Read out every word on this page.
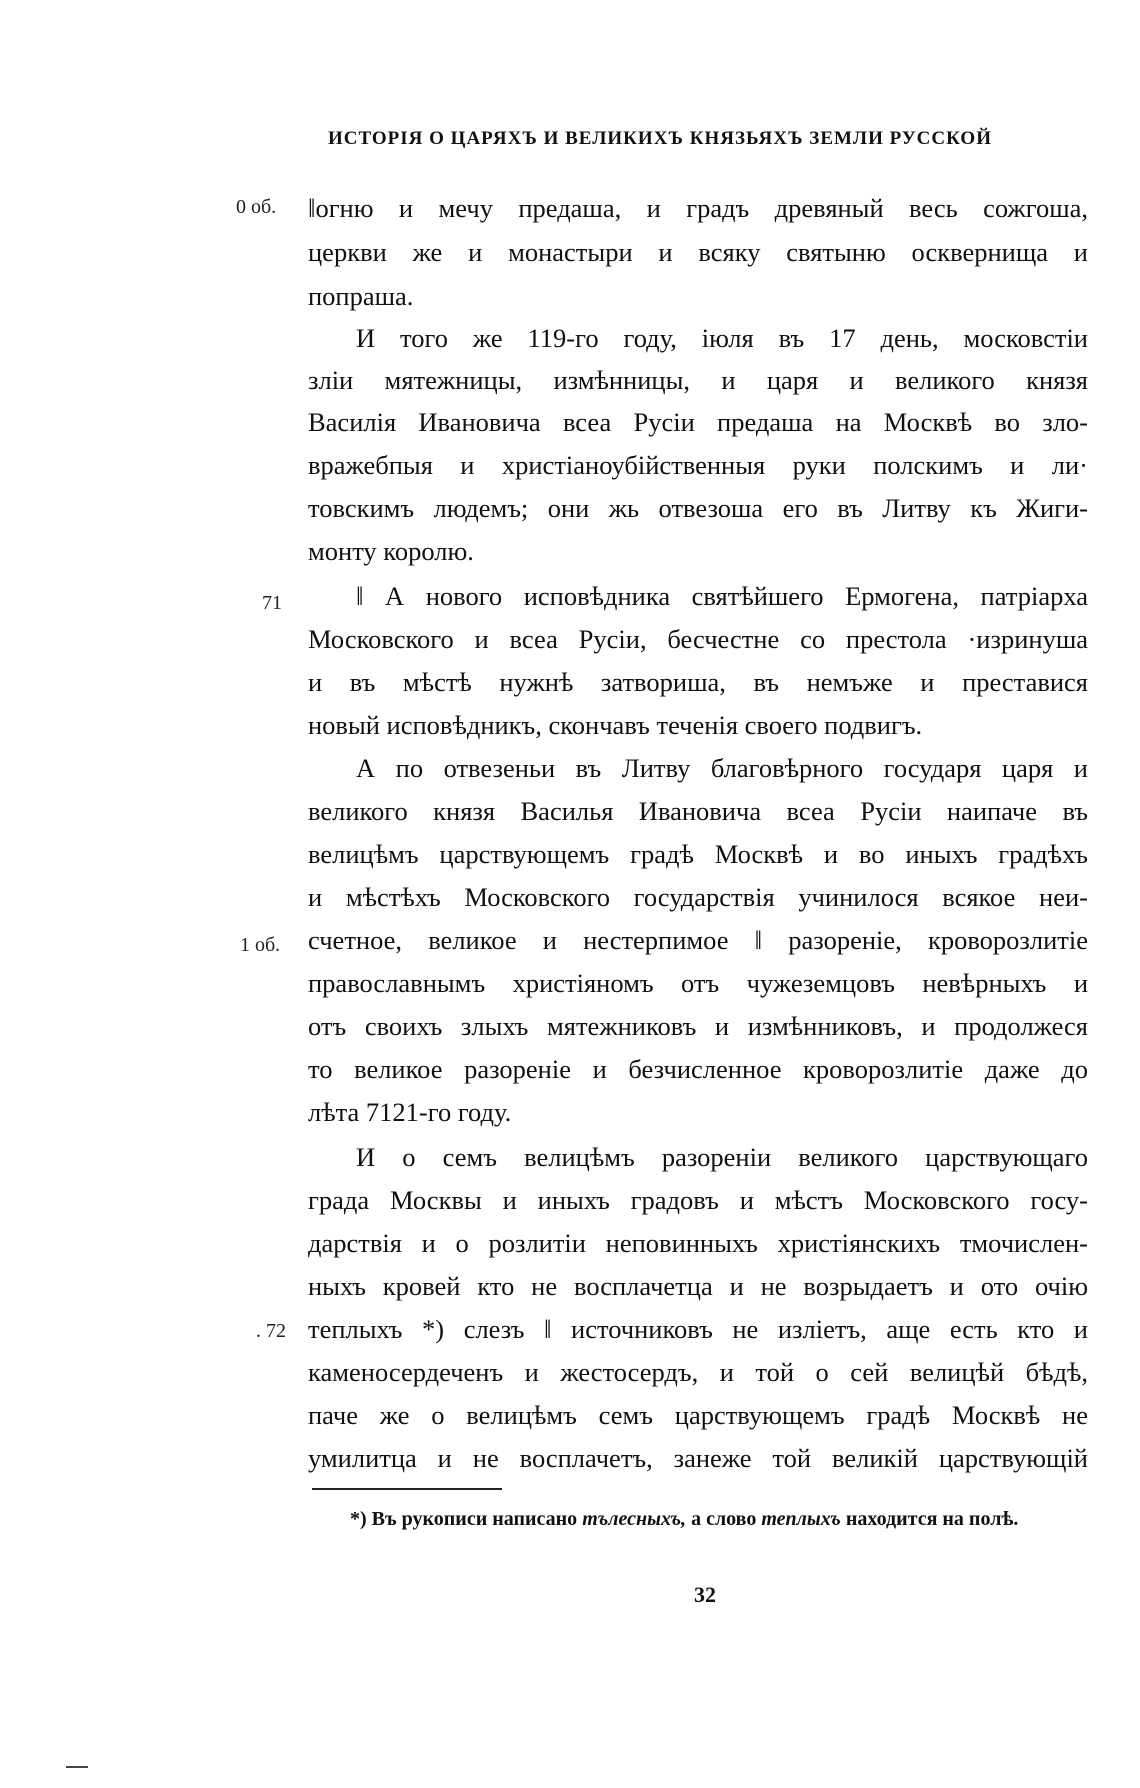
ИСТОРІЯ О ЦАРЯХЪ И ВЕЛИКИХЪ КНЯЗЬЯХЪ ЗЕМЛИ РУССКОЙ
0 об.
71
1 об.
. 72
‖огню и мечу предаша, и градъ древяный весь сожгоша,
церкви же и монастыри и всяку святыню осквернища и
попраша.
И того же 119-го году, іюля въ 17 день, московстіи
зліи мятежницы, измѣнницы, и царя и великого князя
Василія Ивановича всеа Русіи предаша на Москвѣ во зло-
вражебпыя и христіаноубійственныя руки полскимъ и ли·
товскимъ людемъ; они жь отвезоша его въ Литву къ Жиги-
монту королю.
‖ А нового исповѣдника святѣйшего Ермогена, патріарха
Московского и всеа Русіи, бесчестне со престола ·изринуша
и въ мѣстѣ нужнѣ затвориша, въ немъже и преставися
новый исповѣдникъ, скончавъ теченія своего подвигъ.
А по отвезеньи въ Литву благовѣрного государя царя и
великого князя Василья Ивановича всеа Русіи наипаче въ
велицѣмъ царствующемъ градѣ Москвѣ и во иныхъ градѣхъ
и мѣстѣхъ Московского государствія учинилося всякое неи-
счетное, великое и нестерпимое ‖ разореніе, кроворозлитіе
православнымъ христіяномъ отъ чужеземцовъ невѣрныхъ и
отъ своихъ злыхъ мятежниковъ и измѣнниковъ, и продолжеся
то великое разореніе и безчисленное кроворозлитіе даже до
лѣта 7121-го году.
И о семъ велицѣмъ разореніи великого царствующаго
града Москвы и иныхъ градовъ и мѣстъ Московского госу-
дарствія и о розлитіи неповинныхъ христіянскихъ тмочислен-
ныхъ кровей кто не восплачетца и не возрыдаетъ и ото очію
теплыхъ *) слезъ ‖ источниковъ не изліетъ, аще есть кто и
каменосердеченъ и жестосердъ, и той о сей велицѣй бѣдѣ,
паче же о велицѣмъ семъ царствующемъ градѣ Москвѣ не
умилитца и не восплачетъ, занеже той великій царствующій
*) Въ рукописи написано тълесныхъ, а слово теплыхъ находится на полѣ.
32
